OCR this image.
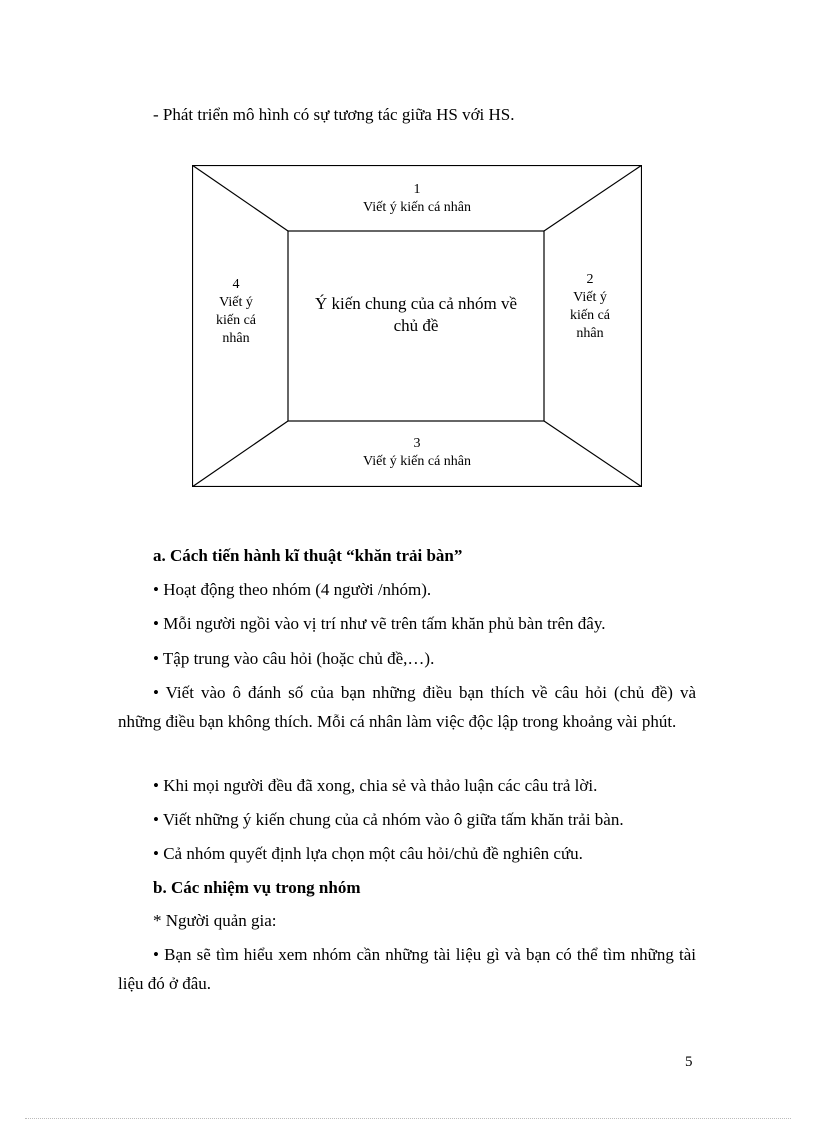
- Phát triển mô hình có sự tương tác giữa HS với HS.
1
Viết ý kiến cá nhân
2
Viết ý
kiến cá
nhân
3
Viết ý kiến cá nhân
4
Viết ý
kiến cá
nhân
Ý kiến chung của cả nhóm về
chủ đề
a. Cách tiến hành kĩ thuật “khăn trải bàn”
• Hoạt động theo nhóm (4 người /nhóm).
• Mỗi người ngồi vào vị trí như vẽ trên tấm khăn phủ bàn trên đây.
• Tập trung vào câu hỏi (hoặc chủ đề,…).
• Viết vào ô đánh số của bạn những điều bạn thích về câu hỏi (chủ đề) và những điều bạn không thích. Mỗi cá nhân làm việc độc lập trong khoảng vài phút.
• Khi mọi người đều đã xong, chia sẻ và thảo luận các câu trả lời.
• Viết những ý kiến chung của cả nhóm vào ô giữa tấm khăn trải bàn.
• Cả nhóm quyết định lựa chọn một câu hỏi/chủ đề nghiên cứu.
b. Các nhiệm vụ trong nhóm
* Người quản gia:
• Bạn sẽ tìm hiểu xem nhóm cần những tài liệu gì và bạn có thể tìm những tài liệu đó ở đâu.
5
